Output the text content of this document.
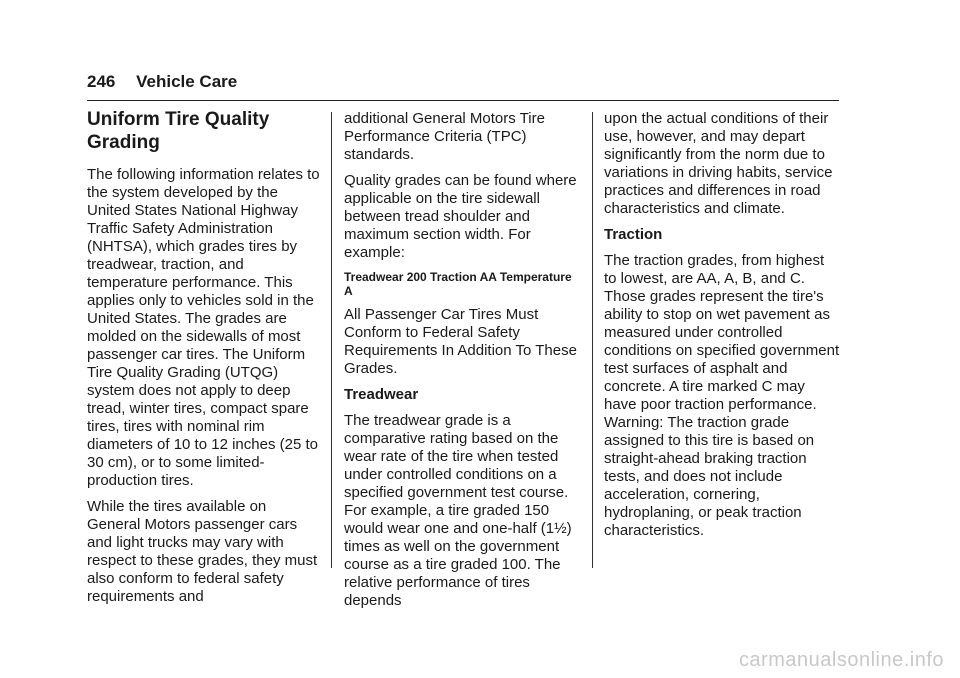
246 Vehicle Care
Uniform Tire Quality Grading

The following information relates to the system developed by the United States National Highway Traffic Safety Administration (NHTSA), which grades tires by treadwear, traction, and temperature performance. This applies only to vehicles sold in the United States. The grades are molded on the sidewalls of most passenger car tires. The Uniform Tire Quality Grading (UTQG) system does not apply to deep tread, winter tires, compact spare tires, tires with nominal rim diameters of 10 to 12 inches (25 to 30 cm), or to some limited-production tires.

While the tires available on General Motors passenger cars and light trucks may vary with respect to these grades, they must also conform to federal safety requirements and

additional General Motors Tire Performance Criteria (TPC) standards.

Quality grades can be found where applicable on the tire sidewall between tread shoulder and maximum section width. For example:

Treadwear 200 Traction AA Temperature A

All Passenger Car Tires Must Conform to Federal Safety Requirements In Addition To These Grades.

Treadwear

The treadwear grade is a comparative rating based on the wear rate of the tire when tested under controlled conditions on a specified government test course. For example, a tire graded 150 would wear one and one-half (1½) times as well on the government course as a tire graded 100. The relative performance of tires depends

upon the actual conditions of their use, however, and may depart significantly from the norm due to variations in driving habits, service practices and differences in road characteristics and climate.

Traction

The traction grades, from highest to lowest, are AA, A, B, and C. Those grades represent the tire's ability to stop on wet pavement as measured under controlled conditions on specified government test surfaces of asphalt and concrete. A tire marked C may have poor traction performance. Warning: The traction grade assigned to this tire is based on straight-ahead braking traction tests, and does not include acceleration, cornering, hydroplaning, or peak traction characteristics.

carmanualsonline.info
